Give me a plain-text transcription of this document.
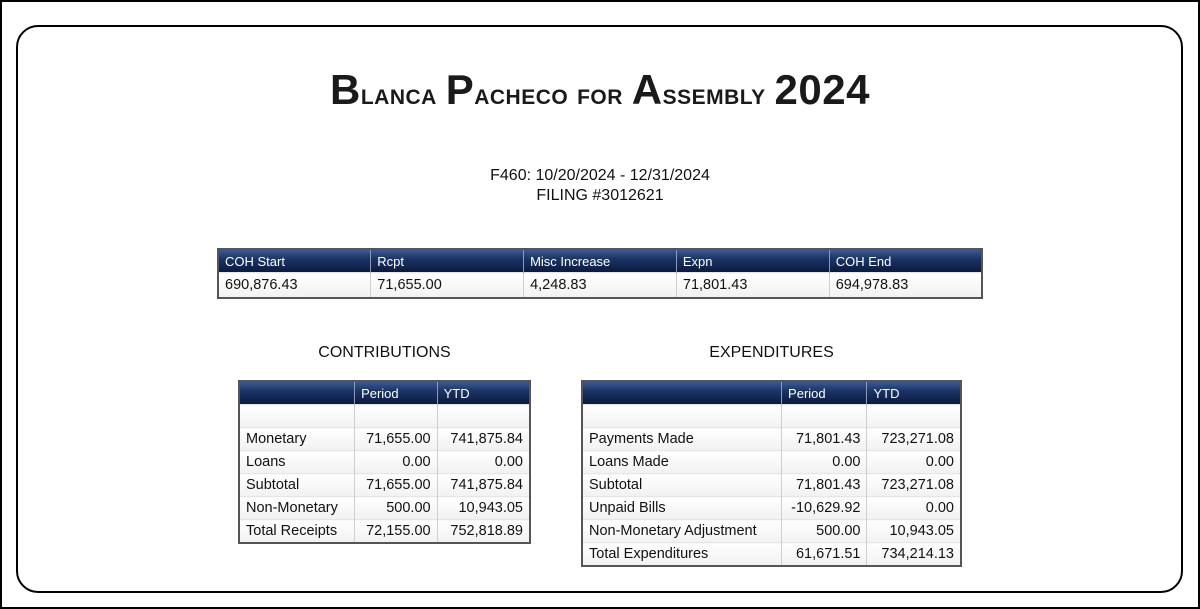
Blanca Pacheco for Assembly 2024
F460: 10/20/2024 - 12/31/2024
FILING #3012621
COH Start	Rcpt	Misc Increase	Expn	COH End
690,876.43	71,655.00	4,248.83	71,801.43	694,978.83
CONTRIBUTIONS	EXPENDITURES
	Period	YTD

Monetary	71,655.00	741,875.84
Loans	0.00	0.00
Subtotal	71,655.00	741,875.84
Non-Monetary	500.00	10,943.05
Total Receipts	72,155.00	752,818.89
	Period	YTD

Payments Made	71,801.43	723,271.08
Loans Made	0.00	0.00
Subtotal	71,801.43	723,271.08
Unpaid Bills	-10,629.92	0.00
Non-Monetary Adjustment	500.00	10,943.05
Total Expenditures	61,671.51	734,214.13
